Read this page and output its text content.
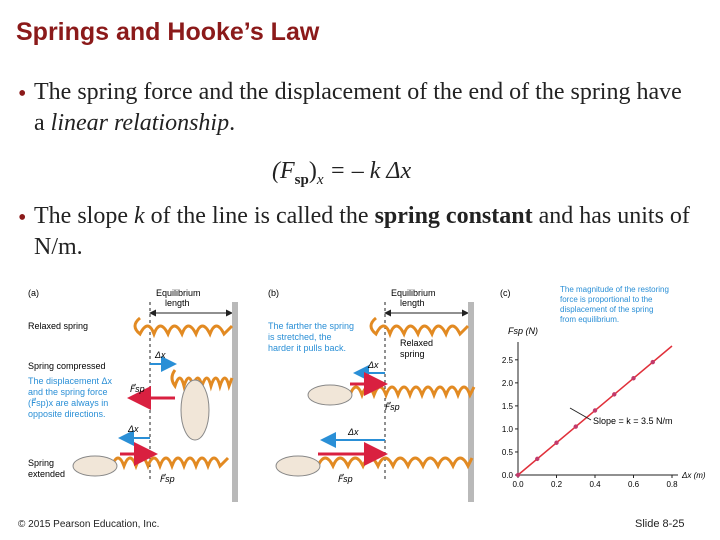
Springs and Hooke’s Law
• The spring force and the displacement of the end of the spring have a linear relationship.
$(F_{sp})_x$ = – k Δx
• The slope k of the line is called the spring constant and has units of N/m.
(a)	Equilibrium
length
Relaxed spring
Spring compressed
Δx
F⃗sp
The displacement Δx
and the spring force
(F⃗sp)x are always in
opposite directions.
Δx
F⃗sp
Spring
extended
(b)	Equilibrium
length
Relaxed
spring
The farther the spring
is stretched, the
harder it pulls back.
Δx
F⃗sp
Δx
F⃗sp
(c)	The magnitude of the restoring
force is proportional to the
displacement of the spring
from equilibrium.
Fsp (N)
0.0
0.5
1.0
1.5
2.0
2.5
0.0	0.2	0.4	0.6	0.8
Δx (m)
Slope = k = 3.5 N/m
© 2015 Pearson Education, Inc.	Slide 8-25
